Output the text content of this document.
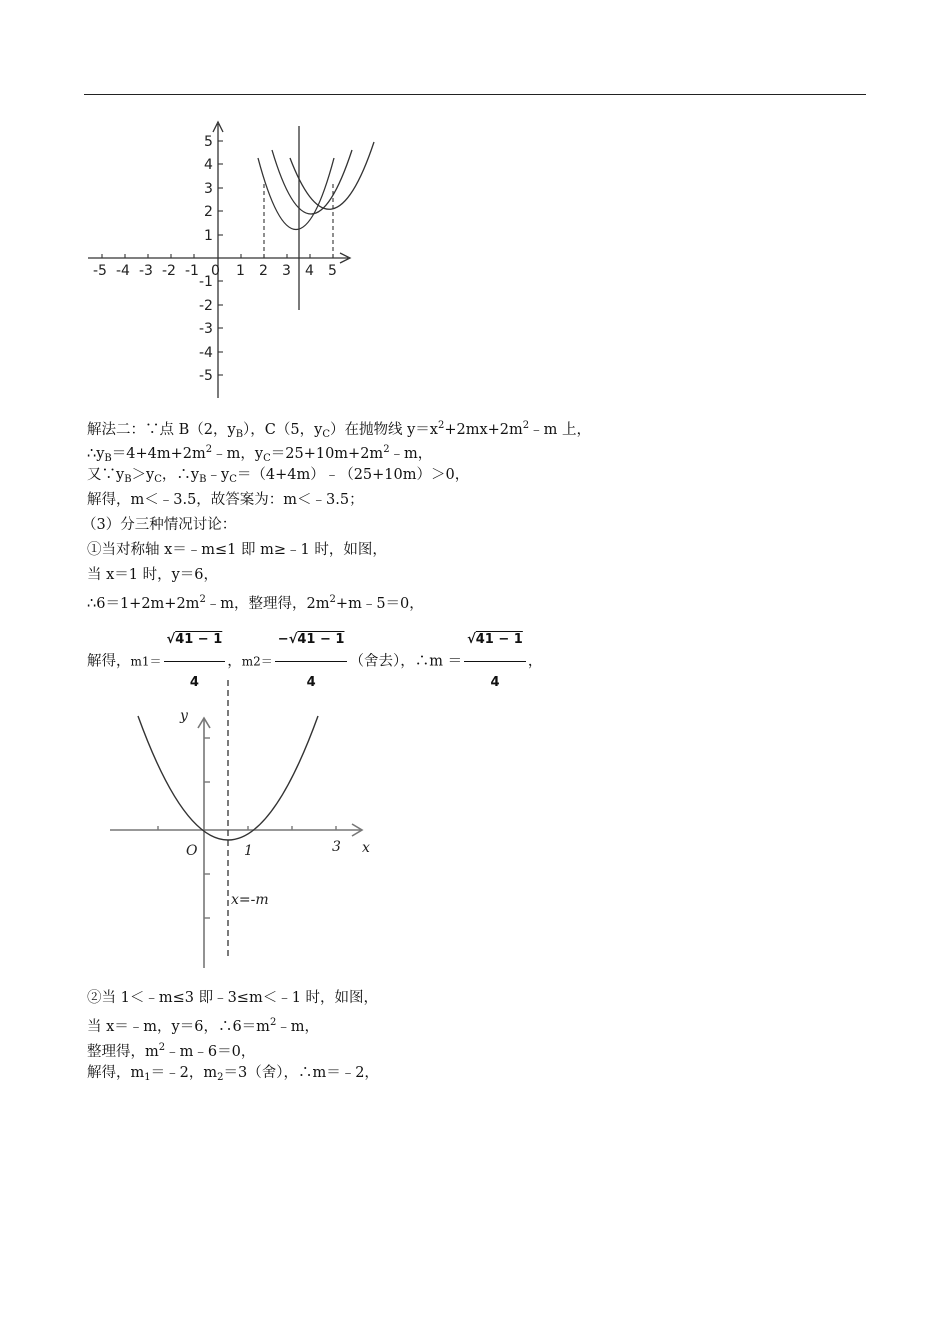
-5 -4 -3 -2 -1 0 1 2 3 4 5
5
4
3
2
1
-1
-2
-3
-4
-5
解法二：∵点 B（2，$y_B$），C（5，$y_C$）在抛物线 $y=x^2+2mx+2m^2﹣m$ 上，
$\therefore y_B=4+4m+2m^2﹣m$，$y_C=25+10m+2m^2﹣m$，
又$\because y_B>y_C$，$\therefore y_B﹣y_C=(4+4m)﹣(25+10m)>0$，
解得，m＜﹣3.5，故答案为：m＜﹣3.5；
（3）分三种情况讨论：
①当对称轴 x＝﹣m≤1 即 m≥﹣1 时，如图，
当 x＝1 时，y＝6，
$\therefore 6=1+2m+2m^2﹣m$，整理得，$2m^2+m﹣5=0$，
解得，$m1= \frac{√41 - 1}{4}$ ，$m2= \frac{-√41 - 1}{4}$ （舍去），∴m ＝ $\frac{√41 - 1}{4}$ ，
y
x
O	1	3
x=-m
②当 1＜﹣m≤3 即﹣3≤m＜﹣1 时，如图，
当 x＝﹣m，y＝6，$\therefore 6=m^2﹣m$，
整理得，$m^2﹣m﹣6=0$，
解得，$m_1=﹣2$，$m_2=3$（舍），∴m＝﹣2，
